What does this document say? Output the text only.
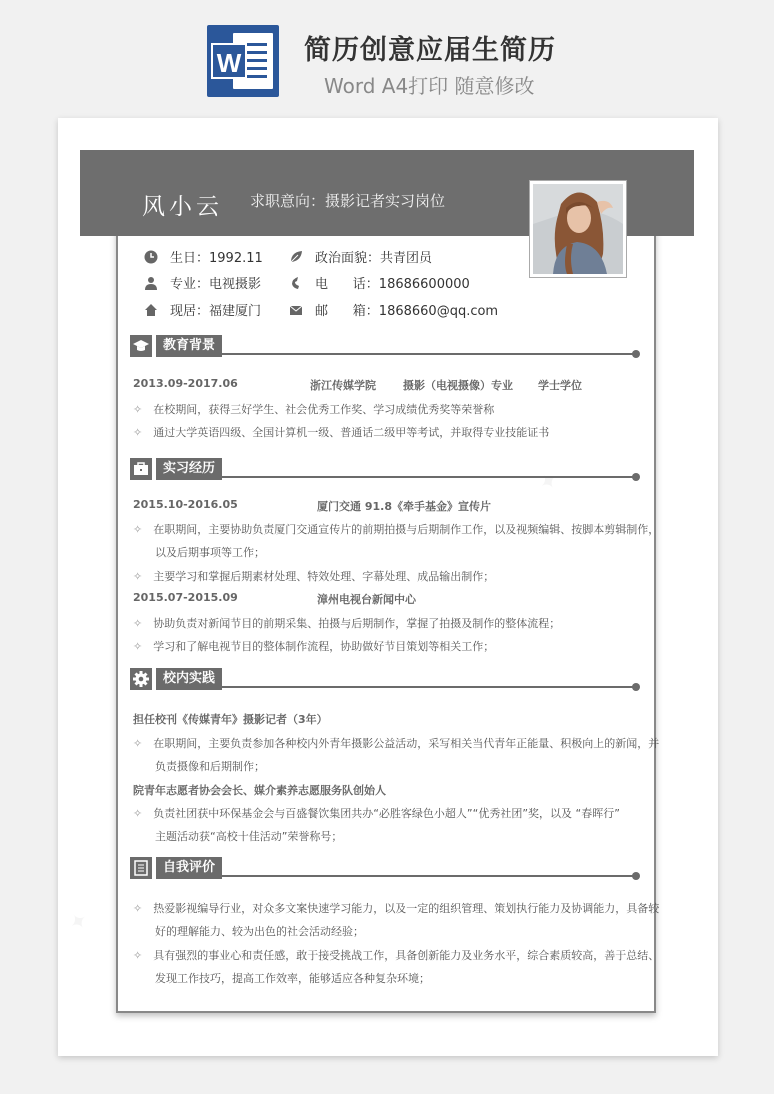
W 简历创意应届生简历
Word A4打印 随意修改
风小云 求职意向：摄影记者实习岗位
生日：1992.11	政治面貌：共青团员
专业：电视摄影	电      话：18686600000
现居：福建厦门	邮      箱：1868660@qq.com
教育背景
2013.09-2017.06	浙江传媒学院 摄影（电视摄像）专业 学士学位
✧ 在校期间，获得三好学生、社会优秀工作奖、学习成绩优秀奖等荣誉称
✧ 通过大学英语四级、全国计算机一级、普通话二级甲等考试，并取得专业技能证书
实习经历
2015.10-2016.05	厦门交通 91.8《牵手基金》宣传片
✧ 在职期间，主要协助负责厦门交通宣传片的前期拍摄与后期制作工作，以及视频编辑、按脚本剪辑制作，
以及后期事项等工作；
✧ 主要学习和掌握后期素材处理、特效处理、字幕处理、成品输出制作；
2015.07-2015.09	漳州电视台新闻中心
✧ 协助负责对新闻节目的前期采集、拍摄与后期制作，掌握了拍摄及制作的整体流程；
✧ 学习和了解电视节目的整体制作流程，协助做好节目策划等相关工作；
校内实践
担任校刊《传媒青年》摄影记者（3年）
✧ 在职期间，主要负责参加各种校内外青年摄影公益活动，采写相关当代青年正能量、积极向上的新闻，并
负责摄像和后期制作；
院青年志愿者协会会长、媒介素养志愿服务队创始人
✧ 负责社团获中环保基金会与百盛餐饮集团共办“必胜客绿色小超人”“优秀社团”奖，以及 “春晖行”
主题活动获“高校十佳活动”荣誉称号；
自我评价
✧ 热爱影视编导行业，对众多文案快速学习能力，以及一定的组织管理、策划执行能力及协调能力，具备较
好的理解能力、较为出色的社会活动经验；
✧ 具有强烈的事业心和责任感，敢于接受挑战工作，具备创新能力及业务水平，综合素质较高，善于总结、
发现工作技巧，提高工作效率，能够适应各种复杂环境；
